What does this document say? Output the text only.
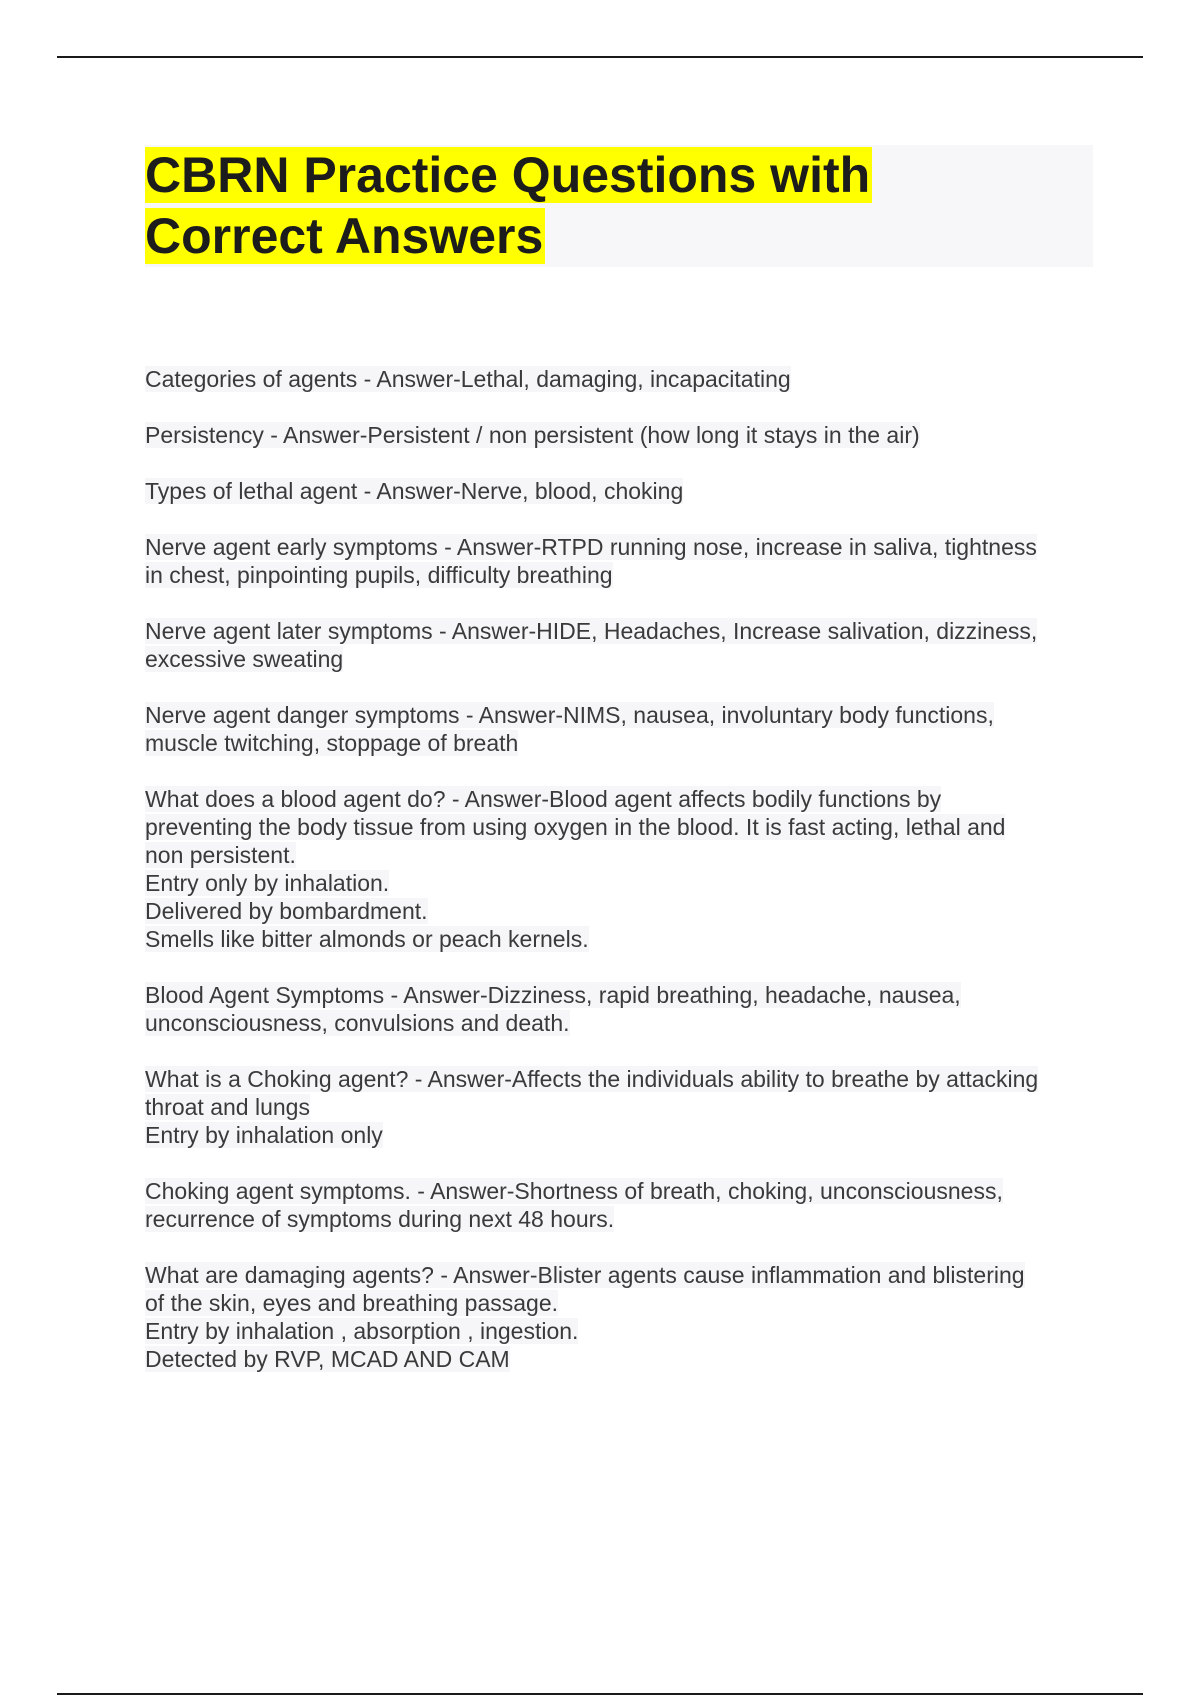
CBRN Practice Questions with
Correct Answers

Categories of agents - Answer-Lethal, damaging, incapacitating

Persistency - Answer-Persistent / non persistent (how long it stays in the air)

Types of lethal agent - Answer-Nerve, blood, choking

Nerve agent early symptoms - Answer-RTPD running nose, increase in saliva, tightness
in chest, pinpointing pupils, difficulty breathing

Nerve agent later symptoms - Answer-HIDE, Headaches, Increase salivation, dizziness,
excessive sweating

Nerve agent danger symptoms - Answer-NIMS, nausea, involuntary body functions,
muscle twitching, stoppage of breath

What does a blood agent do? - Answer-Blood agent affects bodily functions by
preventing the body tissue from using oxygen in the blood. It is fast acting, lethal and
non persistent.
Entry only by inhalation.
Delivered by bombardment.
Smells like bitter almonds or peach kernels.

Blood Agent Symptoms - Answer-Dizziness, rapid breathing, headache, nausea,
unconsciousness, convulsions and death.

What is a Choking agent? - Answer-Affects the individuals ability to breathe by attacking
throat and lungs
Entry by inhalation only

Choking agent symptoms. - Answer-Shortness of breath, choking, unconsciousness,
recurrence of symptoms during next 48 hours.

What are damaging agents? - Answer-Blister agents cause inflammation and blistering
of the skin, eyes and breathing passage.
Entry by inhalation , absorption , ingestion.
Detected by RVP, MCAD AND CAM
